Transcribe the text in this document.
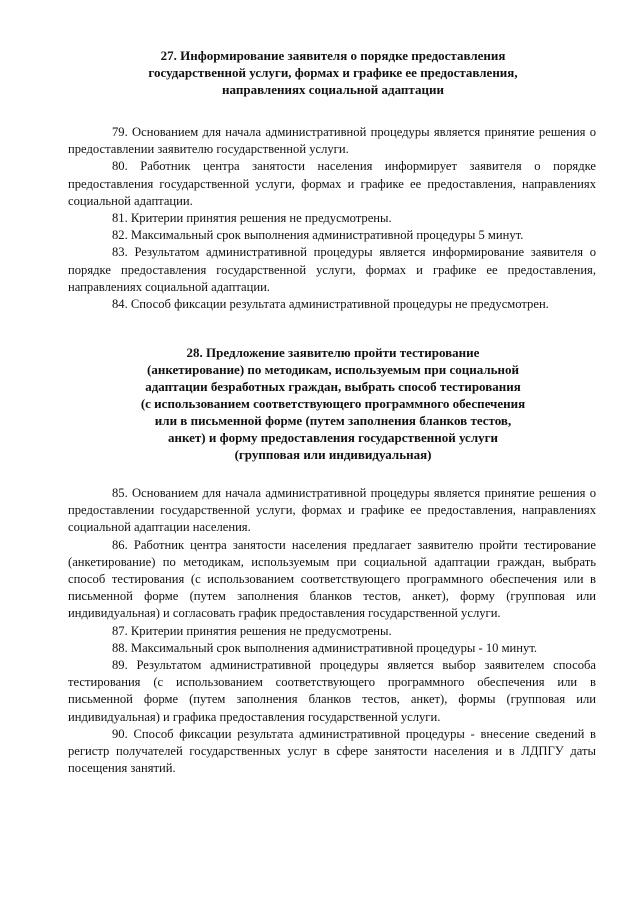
27. Информирование заявителя о порядке предоставления
государственной услуги, формах и графике ее предоставления,
направлениях социальной адаптации

79. Основанием для начала административной процедуры является принятие решения о предоставлении заявителю государственной услуги.

80. Работник центра занятости населения информирует заявителя о порядке предоставления государственной услуги, формах и графике ее предоставления, направлениях социальной адаптации.

81. Критерии принятия решения не предусмотрены.

82. Максимальный срок выполнения административной процедуры 5 минут.

83. Результатом административной процедуры является информирование заявителя о порядке предоставления государственной услуги, формах и графике ее предоставления, направлениях социальной адаптации.

84. Способ фиксации результата административной процедуры не предусмотрен.

28. Предложение заявителю пройти тестирование
(анкетирование) по методикам, используемым при социальной
адаптации безработных граждан, выбрать способ тестирования
(с использованием соответствующего программного обеспечения
или в письменной форме (путем заполнения бланков тестов,
анкет) и форму предоставления государственной услуги
(групповая или индивидуальная)

85. Основанием для начала административной процедуры является принятие решения о предоставлении государственной услуги, формах и графике ее предоставления, направлениях социальной адаптации населения.

86. Работник центра занятости населения предлагает заявителю пройти тестирование (анкетирование) по методикам, используемым при социальной адаптации граждан, выбрать способ тестирования (с использованием соответствующего программного обеспечения или в письменной форме (путем заполнения бланков тестов, анкет), форму (групповая или индивидуальная) и согласовать график предоставления государственной услуги.

87. Критерии принятия решения не предусмотрены.

88. Максимальный срок выполнения административной процедуры - 10 минут.

89. Результатом административной процедуры является выбор заявителем способа тестирования (с использованием соответствующего программного обеспечения или в письменной форме (путем заполнения бланков тестов, анкет), формы (групповая или индивидуальная) и графика предоставления государственной услуги.

90. Способ фиксации результата административной процедуры - внесение сведений в регистр получателей государственных услуг в сфере занятости населения и в ЛДПГУ даты посещения занятий.
